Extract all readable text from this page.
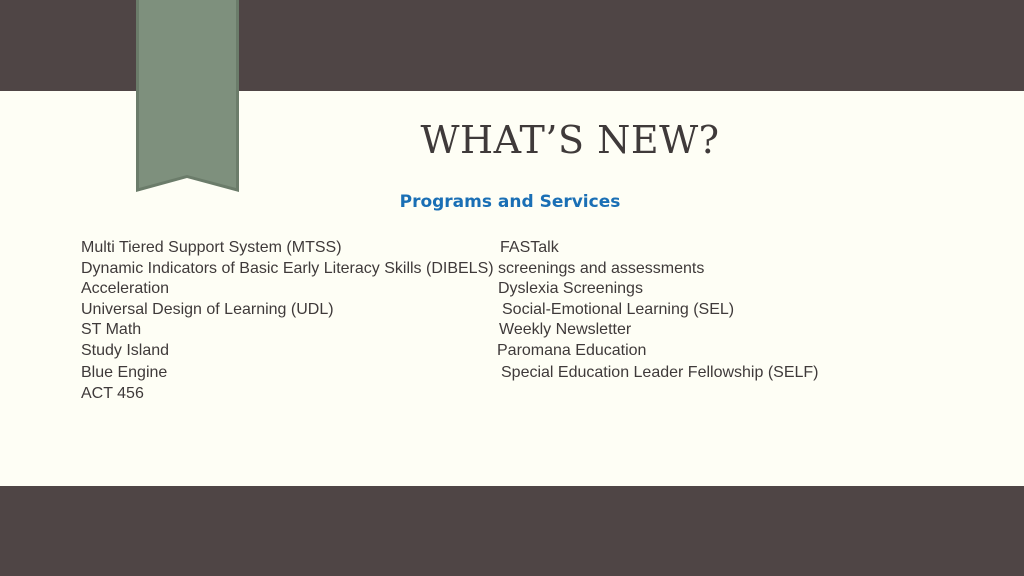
WHAT’S NEW?
Programs and Services
Multi Tiered Support System (MTSS)
Dynamic Indicators of Basic Early Literacy Skills (DIBELS) screenings and assessments
Acceleration
Universal Design of Learning (UDL)
ST Math
Study Island
Blue Engine
ACT 456
FASTalk
Dyslexia Screenings
Social-Emotional Learning (SEL)
Weekly Newsletter
Paromana Education
Special Education Leader Fellowship (SELF)
